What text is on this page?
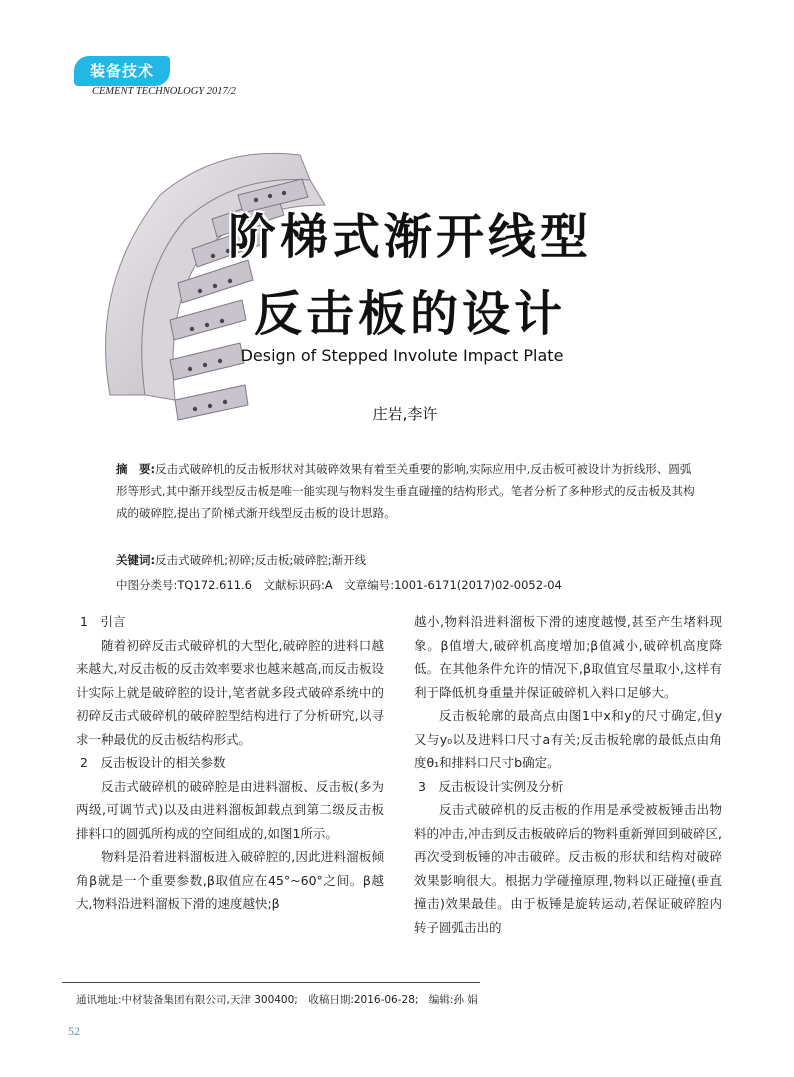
装备技术
CEMENT TECHNOLOGY 2017/2
阶梯式渐开线型
反击板的设计
Design of Stepped Involute Impact Plate
庄岩,李许
摘　要:反击式破碎机的反击板形状对其破碎效果有着至关重要的影响,实际应用中,反击板可被设计为折线形、圆弧形等形式,其中渐开线型反击板是唯一能实现与物料发生垂直碰撞的结构形式。笔者分析了多种形式的反击板及其构成的破碎腔,提出了阶梯式渐开线型反击板的设计思路。
关键词:反击式破碎机;初碎;反击板;破碎腔;渐开线
中图分类号:TQ172.611.6　文献标识码:A　文章编号:1001-6171(2017)02-0052-04
1　引言

随着初碎反击式破碎机的大型化,破碎腔的进料口越来越大,对反击板的反击效率要求也越来越高,而反击板设计实际上就是破碎腔的设计,笔者就多段式破碎系统中的初碎反击式破碎机的破碎腔型结构进行了分析研究,以寻求一种最优的反击板结构形式。

2　反击板设计的相关参数

反击式破碎机的破碎腔是由进料溜板、反击板(多为两级,可调节式)以及由进料溜板卸载点到第二级反击板排料口的圆弧所构成的空间组成的,如图1所示。

物料是沿着进料溜板进入破碎腔的,因此进料溜板倾角β就是一个重要参数,β取值应在45°~60°之间。β越大,物料沿进料溜板下滑的速度越快;β

越小,物料沿进料溜板下滑的速度越慢,甚至产生堵料现象。β值增大,破碎机高度增加;β值减小,破碎机高度降低。在其他条件允许的情况下,β取值宜尽量取小,这样有利于降低机身重量并保证破碎机入料口足够大。

反击板轮廓的最高点由图1中x和y的尺寸确定,但y又与y₀以及进料口尺寸a有关;反击板轮廓的最低点由角度θ₁和排料口尺寸b确定。

3　反击板设计实例及分析

反击式破碎机的反击板的作用是承受被板锤击出物料的冲击,冲击到反击板破碎后的物料重新弹回到破碎区,再次受到板锤的冲击破碎。反击板的形状和结构对破碎效果影响很大。根据力学碰撞原理,物料以正碰撞(垂直撞击)效果最佳。由于板锤是旋转运动,若保证破碎腔内转子圆弧击出的

通讯地址:中材装备集团有限公司,天津 300400;　收稿日期:2016-06-28;　编辑:孙 娟
52
